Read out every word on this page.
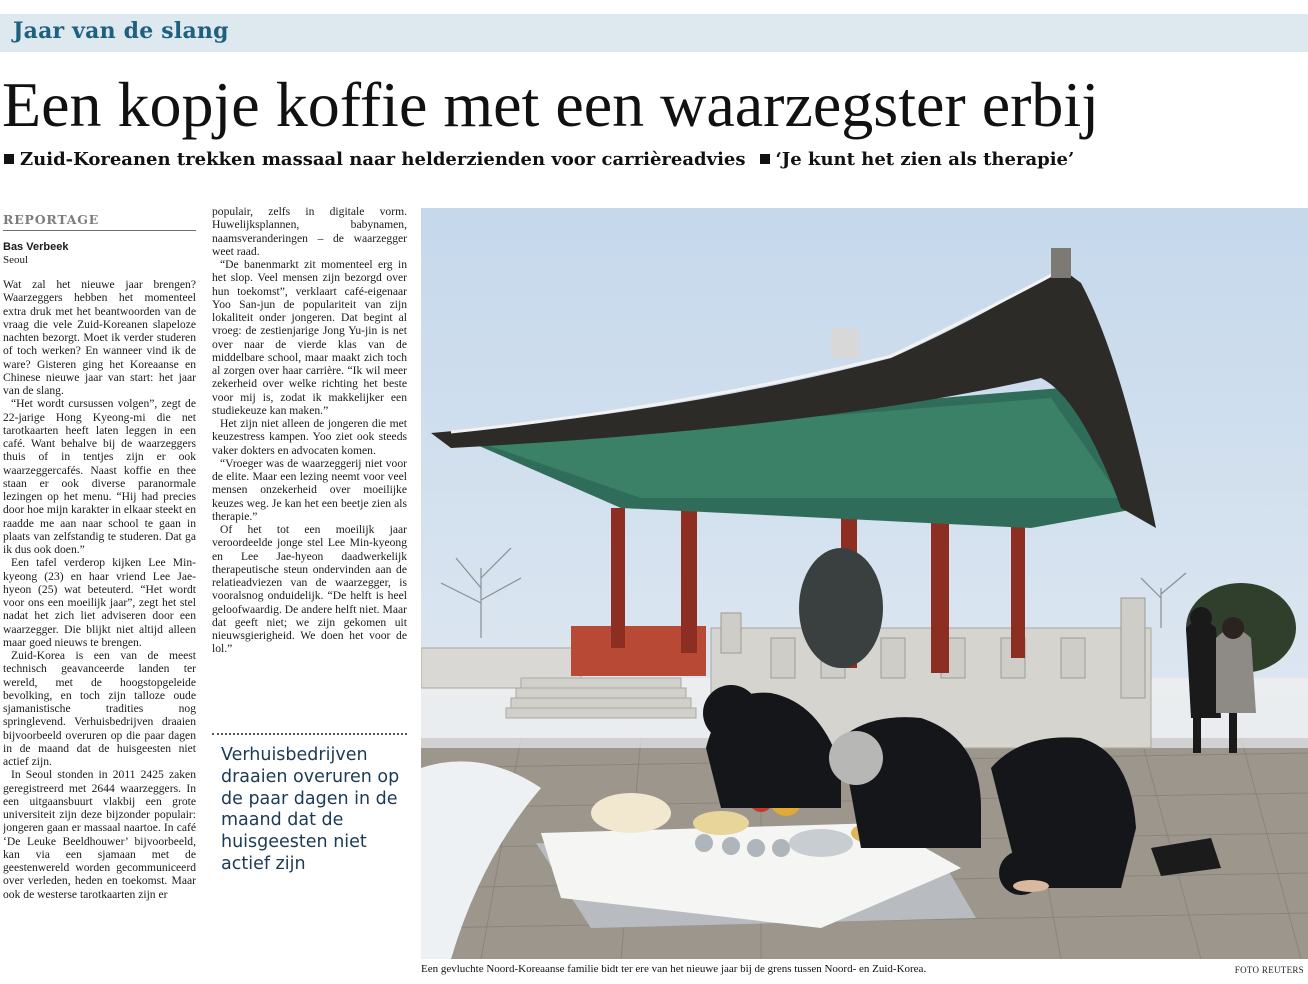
Jaar van de slang
Een kopje koffie met een waarzegster erbij
Zuid-Koreanen trekken massaal naar helderzienden voor carrièreadvies ‘Je kunt het zien als therapie’
REPORTAGE
Bas Verbeek
Seoul

Wat zal het nieuwe jaar brengen? Waarzeggers hebben het momenteel extra druk met het beantwoorden van de vraag die vele Zuid-Koreanen slapeloze nachten bezorgt. Moet ik verder studeren of toch werken? En wanneer vind ik de ware? Gisteren ging het Koreaanse en Chinese nieuwe jaar van start: het jaar van de slang.

“Het wordt cursussen volgen”, zegt de 22-jarige Hong Kyeong-mi die net tarotkaarten heeft laten leggen in een café. Want behalve bij de waarzeggers thuis of in tentjes zijn er ook waarzeggercafés. Naast koffie en thee staan er ook diverse paranormale lezingen op het menu. “Hij had precies door hoe mijn karakter in elkaar steekt en raadde me aan naar school te gaan in plaats van zelfstandig te studeren. Dat ga ik dus ook doen.”

Een tafel verderop kijken Lee Min-kyeong (23) en haar vriend Lee Jae-hyeon (25) wat beteuterd. “Het wordt voor ons een moeilijk jaar”, zegt het stel nadat het zich liet adviseren door een waarzegger. Die blijkt niet altijd alleen maar goed nieuws te brengen.

Zuid-Korea is een van de meest technisch geavanceerde landen ter wereld, met de hoogstopgeleide bevolking, en toch zijn talloze oude sjamanistische tradities nog springlevend. Verhuisbedrijven draaien bijvoorbeeld overuren op die paar dagen in de maand dat de huisgeesten niet actief zijn.

In Seoul stonden in 2011 2425 zaken geregistreerd met 2644 waarzeggers. In een uitgaansbuurt vlakbij een grote universiteit zijn deze bijzonder populair: jongeren gaan er massaal naartoe. In café ‘De Leuke Beeldhouwer’ bijvoorbeeld, kan via een sjamaan met de geestenwereld worden gecommuniceerd over verleden, heden en toekomst. Maar ook de westerse tarotkaarten zijn er

populair, zelfs in digitale vorm. Huwelijksplannen, babynamen, naamsveranderingen – de waarzegger weet raad.

“De banenmarkt zit momenteel erg in het slop. Veel mensen zijn bezorgd over hun toekomst”, verklaart café-eigenaar Yoo San-jun de populariteit van zijn lokaliteit onder jongeren. Dat begint al vroeg: de zestienjarige Jong Yu-jin is net over naar de vierde klas van de middelbare school, maar maakt zich toch al zorgen over haar carrière. “Ik wil meer zekerheid over welke richting het beste voor mij is, zodat ik makkelijker een studiekeuze kan maken.”

Het zijn niet alleen de jongeren die met keuzestress kampen. Yoo ziet ook steeds vaker dokters en advocaten komen.

“Vroeger was de waarzeggerij niet voor de elite. Maar een lezing neemt voor veel mensen onzekerheid over moeilijke keuzes weg. Je kan het een beetje zien als therapie.”

Of het tot een moeilijk jaar veroordeelde jonge stel Lee Min-kyeong en Lee Jae-hyeon daadwerkelijk therapeutische steun ondervinden aan de relatieadviezen van de waarzegger, is vooralsnog onduidelijk. “De helft is heel geloofwaardig. De andere helft niet. Maar dat geeft niet; we zijn gekomen uit nieuwsgierigheid. We doen het voor de lol.”

Verhuisbedrijven draaien overuren op de paar dagen in de maand dat de huisgeesten niet actief zijn
Een gevluchte Noord-Koreaanse familie bidt ter ere van het nieuwe jaar bij de grens tussen Noord- en Zuid-Korea.	FOTO REUTERS
